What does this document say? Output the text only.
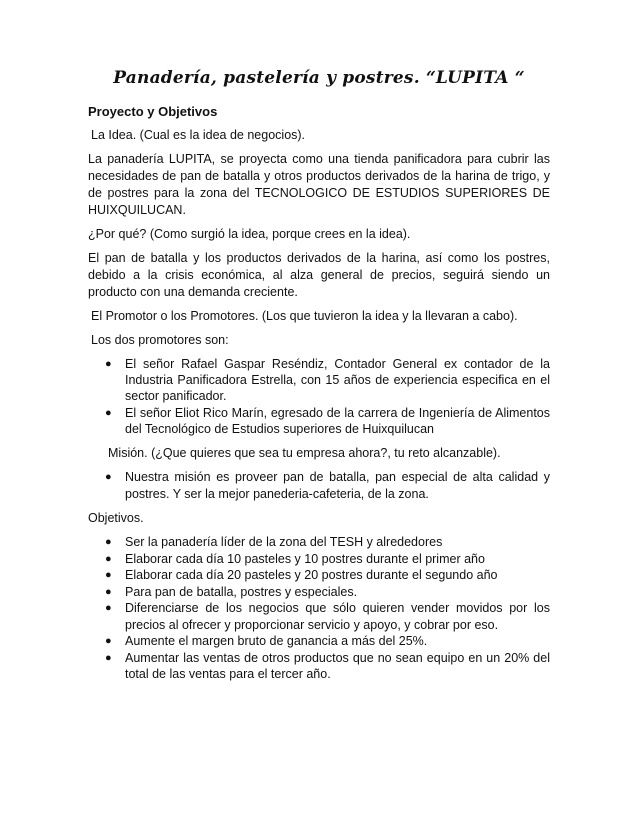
Panadería, pastelería y postres. “LUPITA “
Proyecto y Objetivos

La Idea. (Cual es la idea de negocios).

La panadería LUPITA, se proyecta como una tienda panificadora para cubrir las necesidades de pan de batalla y otros productos derivados de la harina de trigo, y de postres para la zona del TECNOLOGICO DE ESTUDIOS SUPERIORES DE HUIXQUILUCAN.

¿Por qué? (Como surgió la idea, porque crees en la idea).

El pan de batalla y los productos derivados de la harina, así como los postres, debido a la crisis económica, al alza general de precios, seguirá siendo un producto con una demanda creciente.

El Promotor o los Promotores. (Los que tuvieron la idea y la llevaran a cabo).

Los dos promotores son:

● El señor Rafael Gaspar Reséndiz, Contador General ex contador de la Industria Panificadora Estrella, con 15 años de experiencia especifica en el sector panificador.
● El señor Eliot Rico Marín, egresado de la carrera de Ingeniería de Alimentos del Tecnológico de Estudios superiores de Huixquilucan

Misión. (¿Que quieres que sea tu empresa ahora?, tu reto alcanzable).

● Nuestra misión es proveer pan de batalla, pan especial de alta calidad y postres. Y ser la mejor panederia-cafeteria, de la zona.

Objetivos.

● Ser la panadería líder de la zona del TESH y alrededores
● Elaborar cada día 10 pasteles y 10 postres durante el primer año
● Elaborar cada día 20 pasteles y 20 postres durante el segundo año
● Para pan de batalla, postres y especiales.
● Diferenciarse de los negocios que sólo quieren vender movidos por los precios al ofrecer y proporcionar servicio y apoyo, y cobrar por eso.
● Aumente el margen bruto de ganancia a más del 25%.
● Aumentar las ventas de otros productos que no sean equipo en un 20% del total de las ventas para el tercer año.
